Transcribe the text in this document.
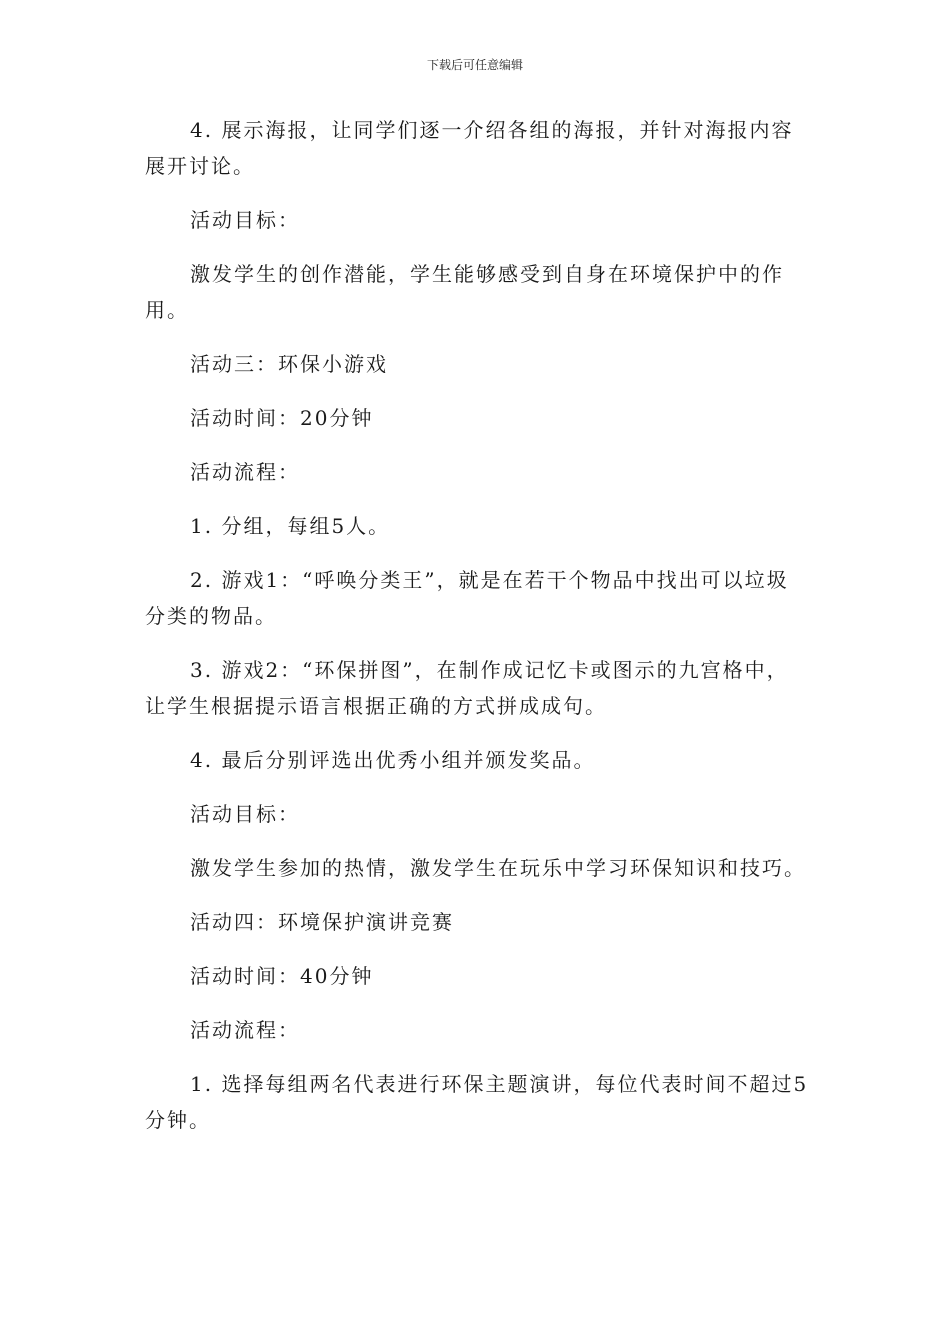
下载后可任意编辑

4. 展示海报，让同学们逐一介绍各组的海报，并针对海报内容展开讨论。

活动目标：

激发学生的创作潜能，学生能够感受到自身在环境保护中的作用。

活动三：环保小游戏

活动时间：20分钟

活动流程：

1. 分组，每组5人。

2. 游戏1：“呼唤分类王”，就是在若干个物品中找出可以垃圾分类的物品。

3. 游戏2：“环保拼图”，在制作成记忆卡或图示的九宫格中，让学生根据提示语言根据正确的方式拼成成句。

4. 最后分别评选出优秀小组并颁发奖品。

活动目标：

激发学生参加的热情，激发学生在玩乐中学习环保知识和技巧。

活动四：环境保护演讲竞赛

活动时间：40分钟

活动流程：

1. 选择每组两名代表进行环保主题演讲，每位代表时间不超过5分钟。
